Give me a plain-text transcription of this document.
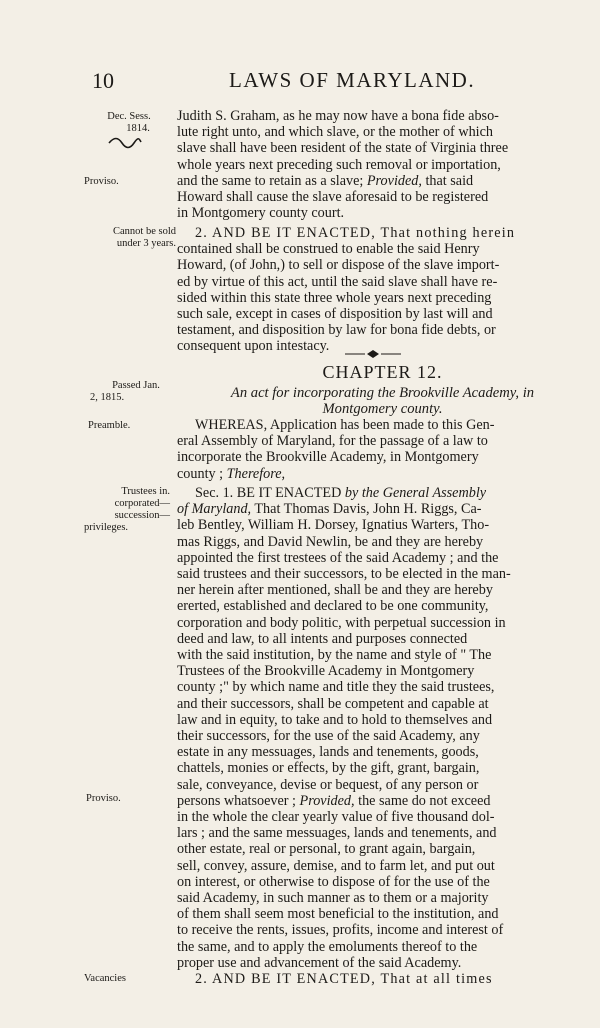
10	LAWS OF MARYLAND.
Dec. Sess.
1814.
Proviso.
Cannot be sold
under 3 years.
Passed Jan.
2, 1815.
Preamble.
Trustees in.
corporated—
succession—
privileges.
Proviso.
Vacancies

Judith S. Graham, as he may now have a bona fide abso-

lute right unto, and which slave, or the mother of which

slave shall have been resident of the state of Virginia three

whole years next preceding such removal or importation,

and the same to retain as a slave; Provided, that said

Howard shall cause the slave aforesaid to be registered

in Montgomery county court.

2. AND BE IT ENACTED, That nothing herein

contained shall be construed to enable the said Henry

Howard, (of John,) to sell or dispose of the slave import-

ed by virtue of this act, until the said slave shall have re-

sided within this state three whole years next preceding

such sale, except in cases of disposition by last will and

testament, and disposition by law for bona fide debts, or

consequent upon intestacy.

CHAPTER 12.
An act for incorporating the Brookville Academy, in
Montgomery county.

WHEREAS, Application has been made to this Gen-

eral Assembly of Maryland, for the passage of a law to

incorporate the Brookville Academy, in Montgomery

county ; Therefore,

Sec. 1. BE IT ENACTED by the General Assembly

of Maryland, That Thomas Davis, John H. Riggs, Ca-

leb Bentley, William H. Dorsey, Ignatius Warters, Tho-

mas Riggs, and David Newlin, be and they are hereby

appointed the first trestees of the said Academy ; and the

said trustees and their successors, to be elected in the man-

ner herein after mentioned, shall be and they are hereby

ererted, established and declared to be one community,

corporation and body politic, with perpetual succession in

deed and law, to all intents and purposes connected

with the said institution, by the name and style of " The

Trustees of the Brookville Academy in Montgomery

county ;" by which name and title they the said trustees,

and their successors, shall be competent and capable at

law and in equity, to take and to hold to themselves and

their successors, for the use of the said Academy, any

estate in any messuages, lands and tenements, goods,

chattels, monies or effects, by the gift, grant, bargain,

sale, conveyance, devise or bequest, of any person or

persons whatsoever ; Provided, the same do not exceed

in the whole the clear yearly value of five thousand dol-

lars ; and the same messuages, lands and tenements, and

other estate, real or personal, to grant again, bargain,

sell, convey, assure, demise, and to farm let, and put out

on interest, or otherwise to dispose of for the use of the

said Academy, in such manner as to them or a majority

of them shall seem most beneficial to the institution, and

to receive the rents, issues, profits, income and interest of

the same, and to apply the emoluments thereof to the

proper use and advancement of the said Academy.

2. AND BE IT ENACTED, That at all times
